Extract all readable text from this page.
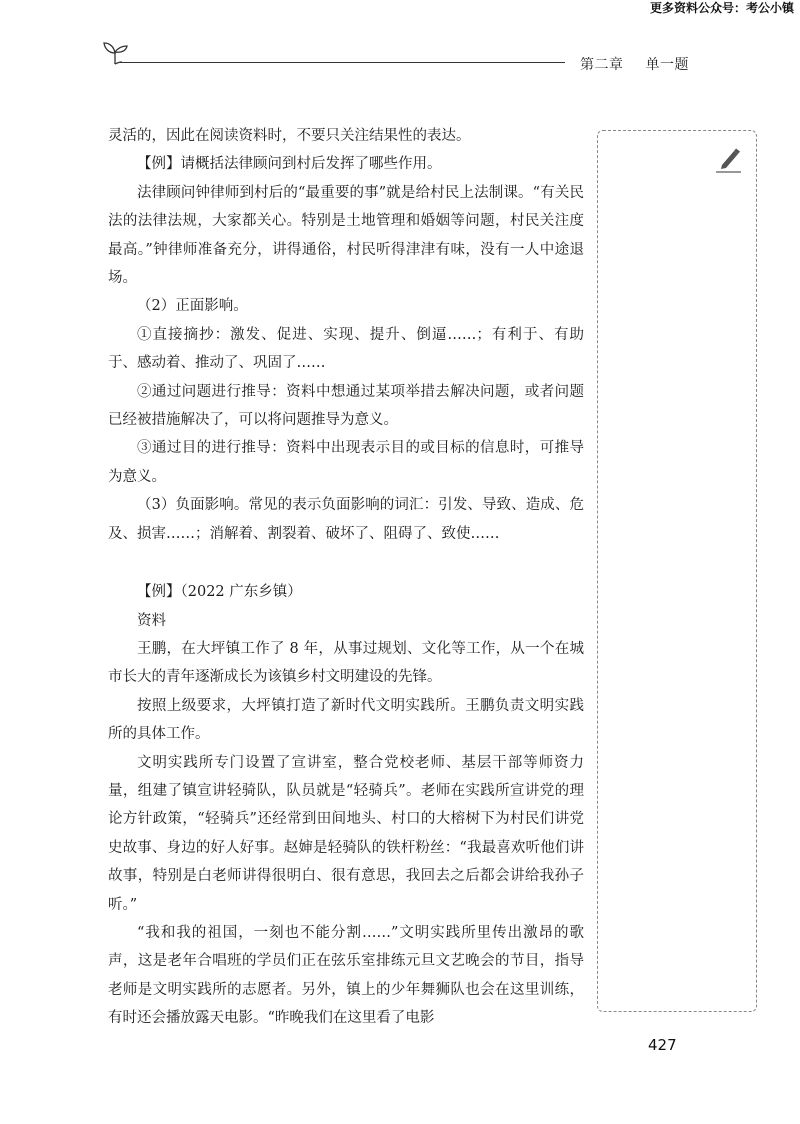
更多资料公众号：考公小镇
第二章 单一题

灵活的，因此在阅读资料时，不要只关注结果性的表达。

【例】请概括法律顾问到村后发挥了哪些作用。

法律顾问钟律师到村后的“最重要的事”就是给村民上法制课。“有关民法的法律法规，大家都关心。特别是土地管理和婚姻等问题，村民关注度最高。”钟律师准备充分，讲得通俗，村民听得津津有味，没有一人中途退场。

（2）正面影响。

①直接摘抄：激发、促进、实现、提升、倒逼……；有利于、有助于、感动着、推动了、巩固了……

②通过问题进行推导：资料中想通过某项举措去解决问题，或者问题已经被措施解决了，可以将问题推导为意义。

③通过目的进行推导：资料中出现表示目的或目标的信息时，可推导为意义。

（3）负面影响。常见的表示负面影响的词汇：引发、导致、造成、危及、损害……；消解着、割裂着、破坏了、阻碍了、致使……

【例】（2022 广东乡镇）

资料

王鹏，在大坪镇工作了 8 年，从事过规划、文化等工作，从一个在城市长大的青年逐渐成长为该镇乡村文明建设的先锋。

按照上级要求，大坪镇打造了新时代文明实践所。王鹏负责文明实践所的具体工作。

文明实践所专门设置了宣讲室，整合党校老师、基层干部等师资力量，组建了镇宣讲轻骑队，队员就是“轻骑兵”。老师在实践所宣讲党的理论方针政策，“轻骑兵”还经常到田间地头、村口的大榕树下为村民们讲党史故事、身边的好人好事。赵婶是轻骑队的铁杆粉丝：“我最喜欢听他们讲故事，特别是白老师讲得很明白、很有意思，我回去之后都会讲给我孙子听。”

“我和我的祖国，一刻也不能分割……”文明实践所里传出激昂的歌声，这是老年合唱班的学员们正在弦乐室排练元旦文艺晚会的节目，指导老师是文明实践所的志愿者。另外，镇上的少年舞狮队也会在这里训练，有时还会播放露天电影。“昨晚我们在这里看了电影

427
